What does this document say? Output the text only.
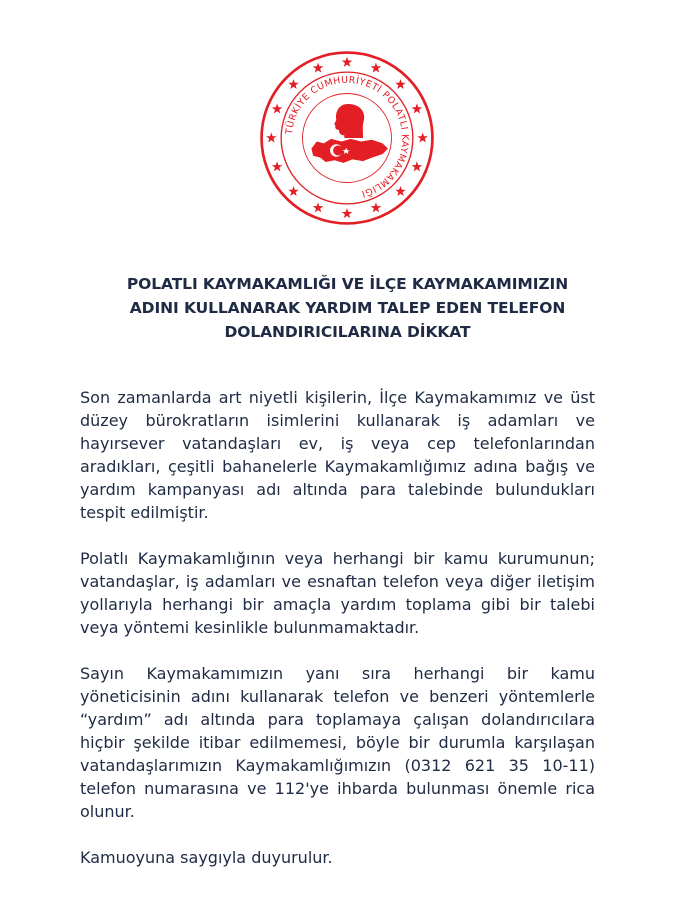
TÜRKİYE CUMHURİYETİ POLATLI KAYMAKAMLIĞI
POLATLI KAYMAKAMLIĞI VE İLÇE KAYMAKAMIMIZIN
ADINI KULLANARAK YARDIM TALEP EDEN TELEFON
DOLANDIRICILARINA DİKKAT

Son zamanlarda art niyetli kişilerin, İlçe Kaymakamımız ve üst düzey bürokratların isimlerini kullanarak iş adamları ve hayırsever vatandaşları ev, iş veya cep telefonlarından aradıkları, çeşitli bahanelerle Kaymakamlığımız adına bağış ve yardım kampanyası adı altında para talebinde bulundukları tespit edilmiştir.

Polatlı Kaymakamlığının veya herhangi bir kamu kurumunun; vatandaşlar, iş adamları ve esnaftan telefon veya diğer iletişim yollarıyla herhangi bir amaçla yardım toplama gibi bir talebi veya yöntemi kesinlikle bulunmamaktadır.

Sayın Kaymakamımızın yanı sıra herhangi bir kamu yöneticisinin adını kullanarak telefon ve benzeri yöntemlerle “yardım” adı altında para toplamaya çalışan dolandırıcılara hiçbir şekilde itibar edilmemesi, böyle bir durumla karşılaşan vatandaşlarımızın Kaymakamlığımızın (0312 621 35 10-11) telefon numarasına ve 112'ye ihbarda bulunması önemle rica olunur.

Kamuoyuna saygıyla duyurulur.
